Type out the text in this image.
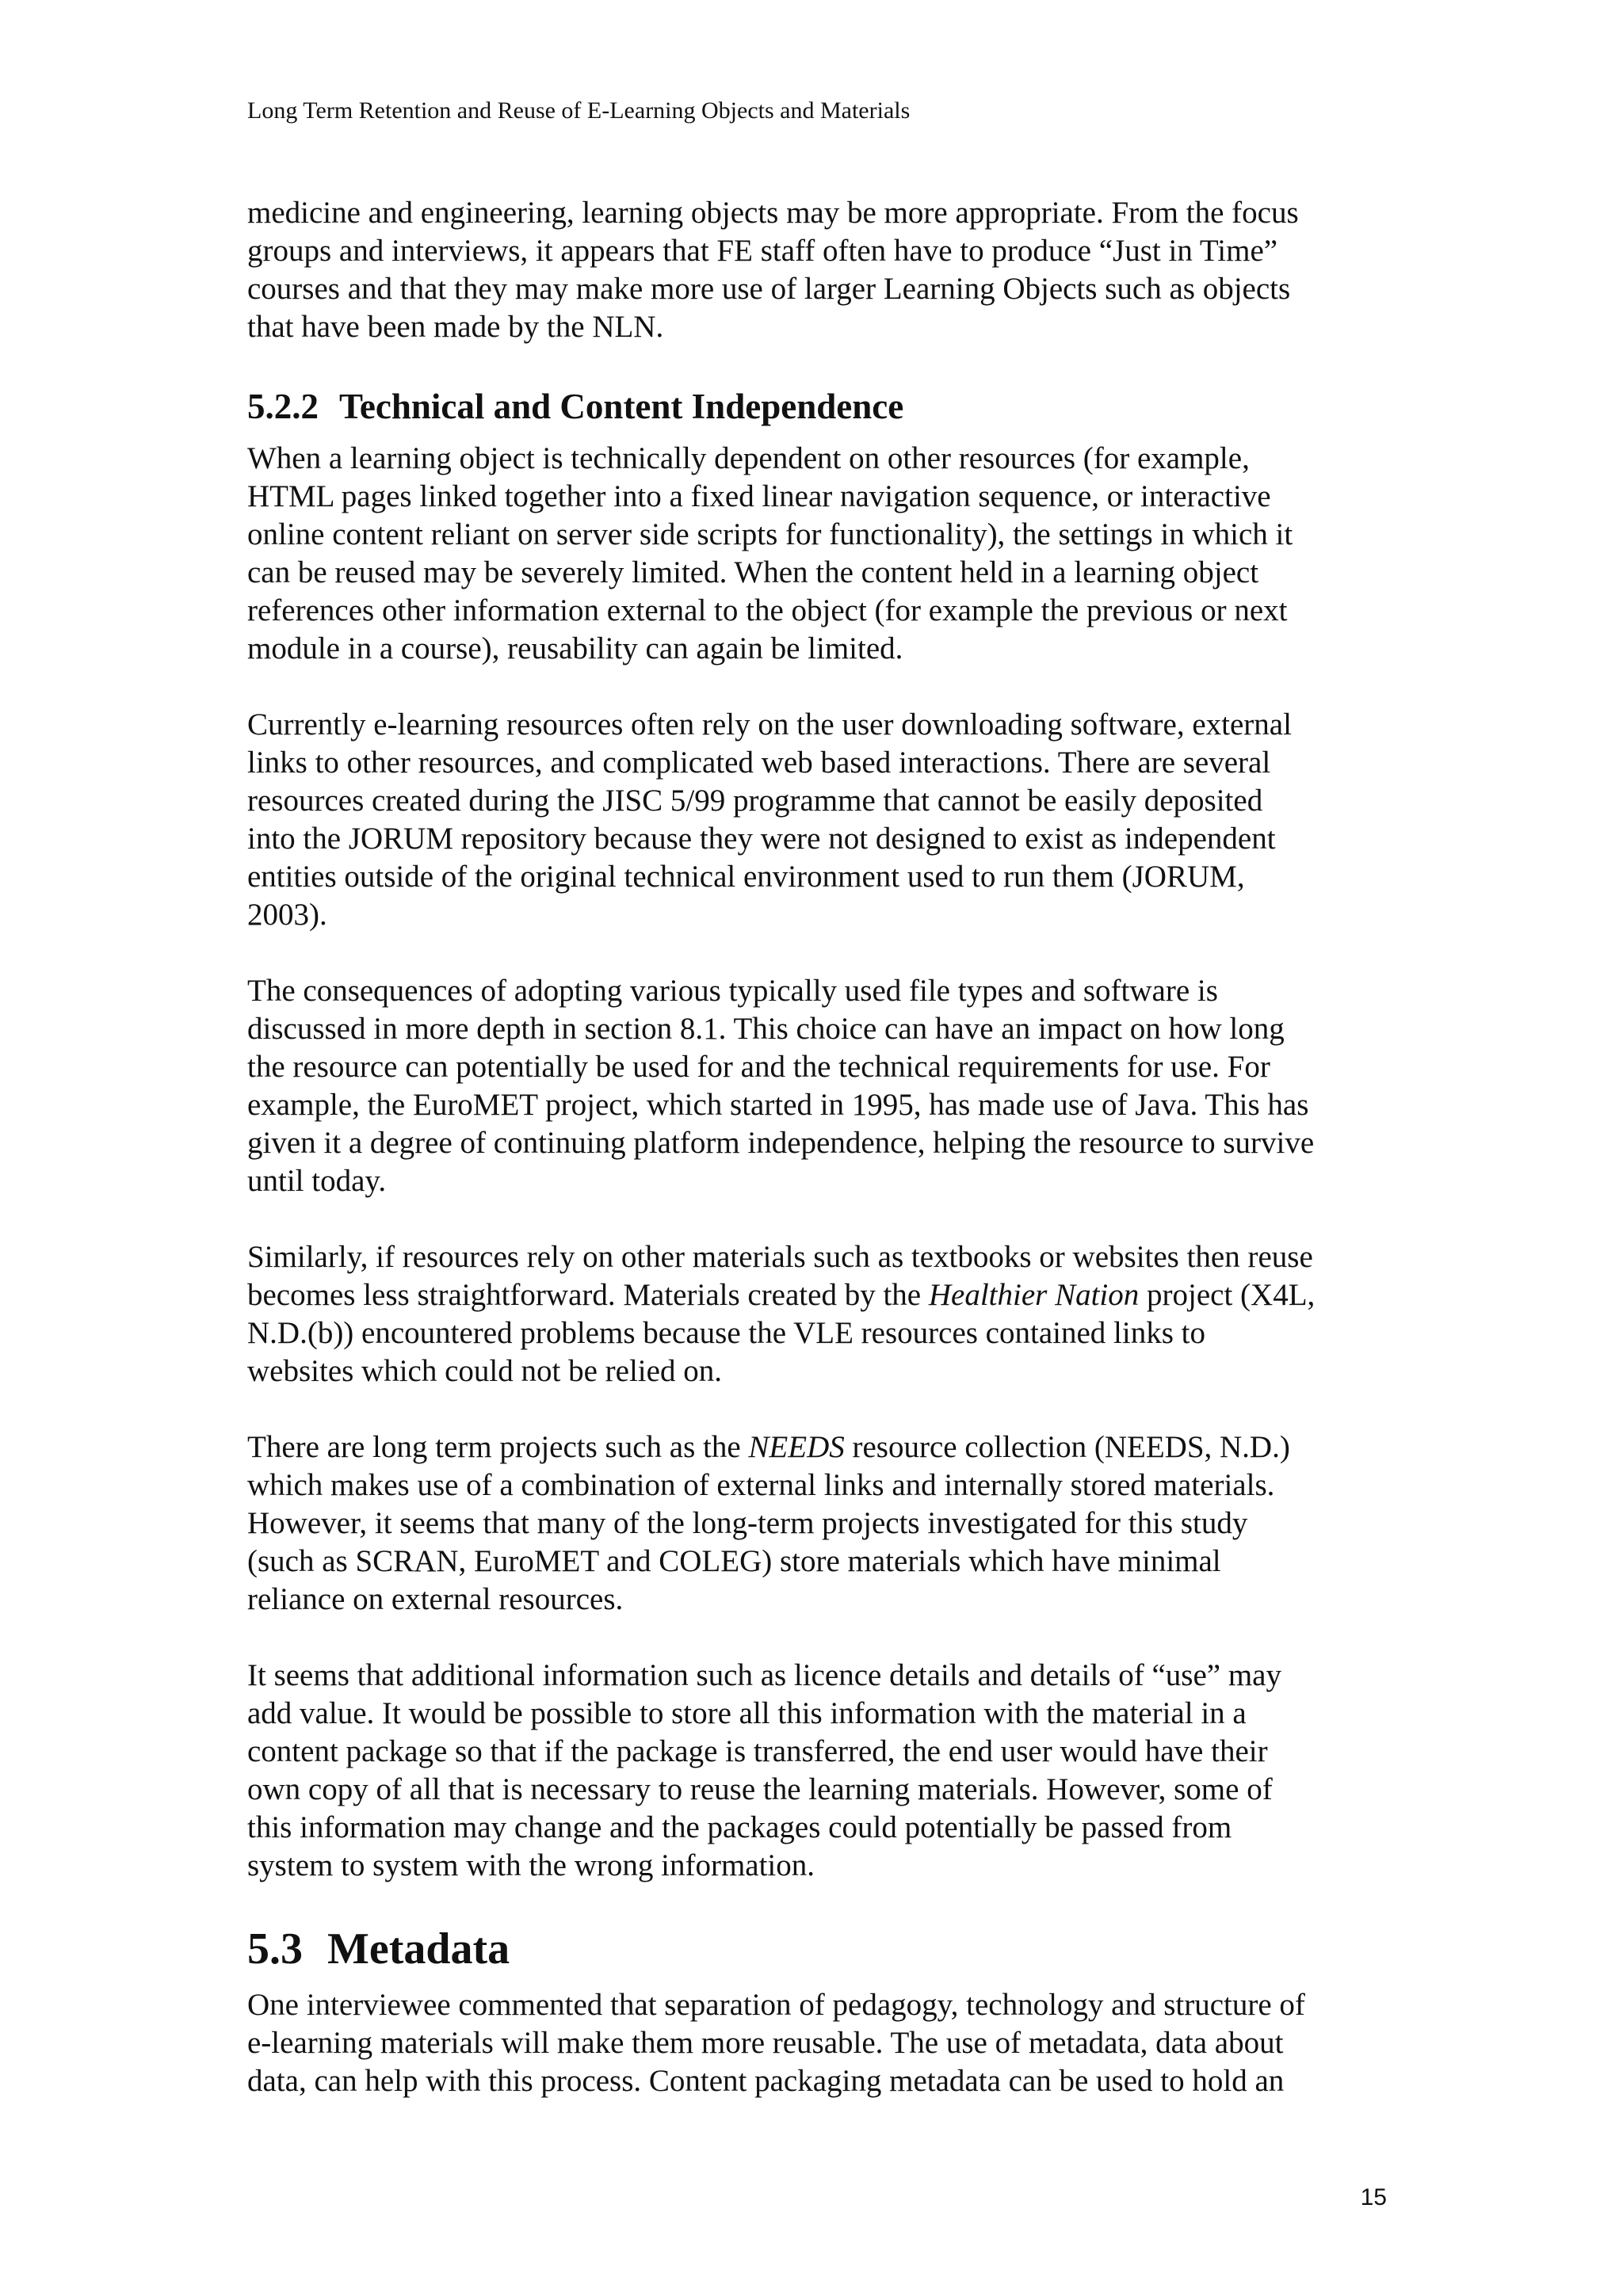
Long Term Retention and Reuse of E-Learning Objects and Materials

medicine and engineering, learning objects may be more appropriate. From the focus
groups and interviews, it appears that FE staff often have to produce “Just in Time”
courses and that they may make more use of larger Learning Objects such as objects
that have been made by the NLN.

5.2.2 Technical and Content Independence

When a learning object is technically dependent on other resources (for example,
HTML pages linked together into a fixed linear navigation sequence, or interactive
online content reliant on server side scripts for functionality), the settings in which it
can be reused may be severely limited. When the content held in a learning object
references other information external to the object (for example the previous or next
module in a course), reusability can again be limited.

Currently e-learning resources often rely on the user downloading software, external
links to other resources, and complicated web based interactions. There are several
resources created during the JISC 5/99 programme that cannot be easily deposited
into the JORUM repository because they were not designed to exist as independent
entities outside of the original technical environment used to run them (JORUM,
2003).

The consequences of adopting various typically used file types and software is
discussed in more depth in section 8.1. This choice can have an impact on how long
the resource can potentially be used for and the technical requirements for use. For
example, the EuroMET project, which started in 1995, has made use of Java. This has
given it a degree of continuing platform independence, helping the resource to survive
until today.

Similarly, if resources rely on other materials such as textbooks or websites then reuse
becomes less straightforward. Materials created by the Healthier Nation project (X4L,
N.D.(b)) encountered problems because the VLE resources contained links to
websites which could not be relied on.

There are long term projects such as the NEEDS resource collection (NEEDS, N.D.)
which makes use of a combination of external links and internally stored materials.
However, it seems that many of the long-term projects investigated for this study
(such as SCRAN, EuroMET and COLEG) store materials which have minimal
reliance on external resources.

It seems that additional information such as licence details and details of “use” may
add value. It would be possible to store all this information with the material in a
content package so that if the package is transferred, the end user would have their
own copy of all that is necessary to reuse the learning materials. However, some of
this information may change and the packages could potentially be passed from
system to system with the wrong information.

5.3 Metadata

One interviewee commented that separation of pedagogy, technology and structure of
e-learning materials will make them more reusable. The use of metadata, data about
data, can help with this process. Content packaging metadata can be used to hold an

15
